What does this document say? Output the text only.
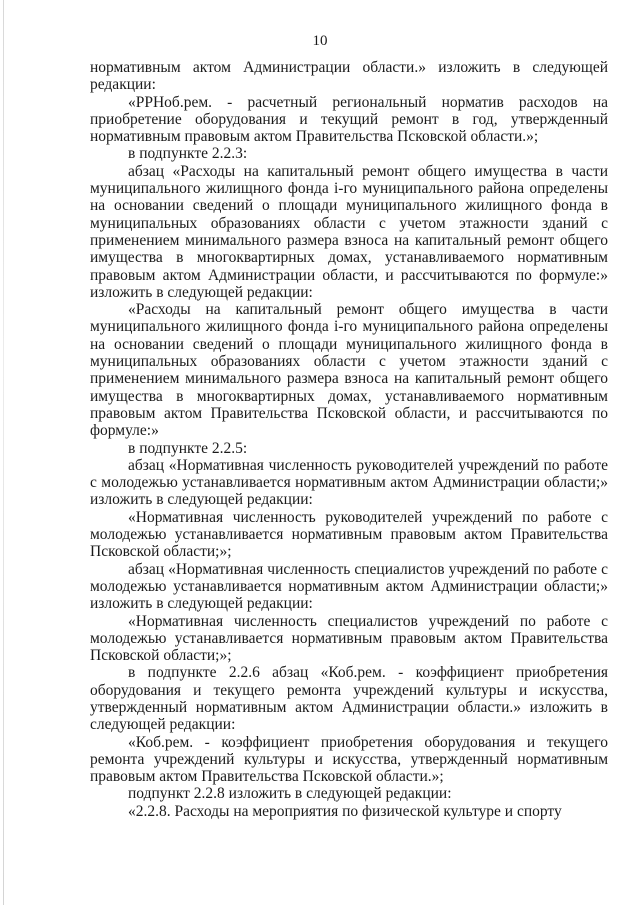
10

нормативным актом Администрации области.» изложить в следующей редакции:

«PPHоб.рем. - расчетный региональный норматив расходов на приобретение оборудования и текущий ремонт в год, утвержденный нормативным правовым актом Правительства Псковской области.»;

в подпункте 2.2.3:

абзац «Расходы на капитальный ремонт общего имущества в части муниципального жилищного фонда i-го муниципального района определены на основании сведений о площади муниципального жилищного фонда в муниципальных образованиях области с учетом этажности зданий с применением минимального размера взноса на капитальный ремонт общего имущества в многоквартирных домах, устанавливаемого нормативным правовым актом Администрации области, и рассчитываются по формуле:» изложить в следующей редакции:

«Расходы на капитальный ремонт общего имущества в части муниципального жилищного фонда i-го муниципального района определены на основании сведений о площади муниципального жилищного фонда в муниципальных образованиях области с учетом этажности зданий с применением минимального размера взноса на капитальный ремонт общего имущества в многоквартирных домах, устанавливаемого нормативным правовым актом Правительства Псковской области, и рассчитываются по формуле:»

в подпункте 2.2.5:

абзац «Нормативная численность руководителей учреждений по работе с молодежью устанавливается нормативным актом Администрации области;» изложить в следующей редакции:

«Нормативная численность руководителей учреждений по работе с молодежью устанавливается нормативным правовым актом Правительства Псковской области;»;

абзац «Нормативная численность специалистов учреждений по работе с молодежью устанавливается нормативным актом Администрации области;» изложить в следующей редакции:

«Нормативная численность специалистов учреждений по работе с молодежью устанавливается нормативным правовым актом Правительства Псковской области;»;

в подпункте 2.2.6 абзац «Коб.рем. - коэффициент приобретения оборудования и текущего ремонта учреждений культуры и искусства, утвержденный нормативным актом Администрации области.» изложить в следующей редакции:

«Коб.рем. - коэффициент приобретения оборудования и текущего ремонта учреждений культуры и искусства, утвержденный нормативным правовым актом Правительства Псковской области.»;

подпункт 2.2.8 изложить в следующей редакции:

«2.2.8. Расходы на мероприятия по физической культуре и спорту
